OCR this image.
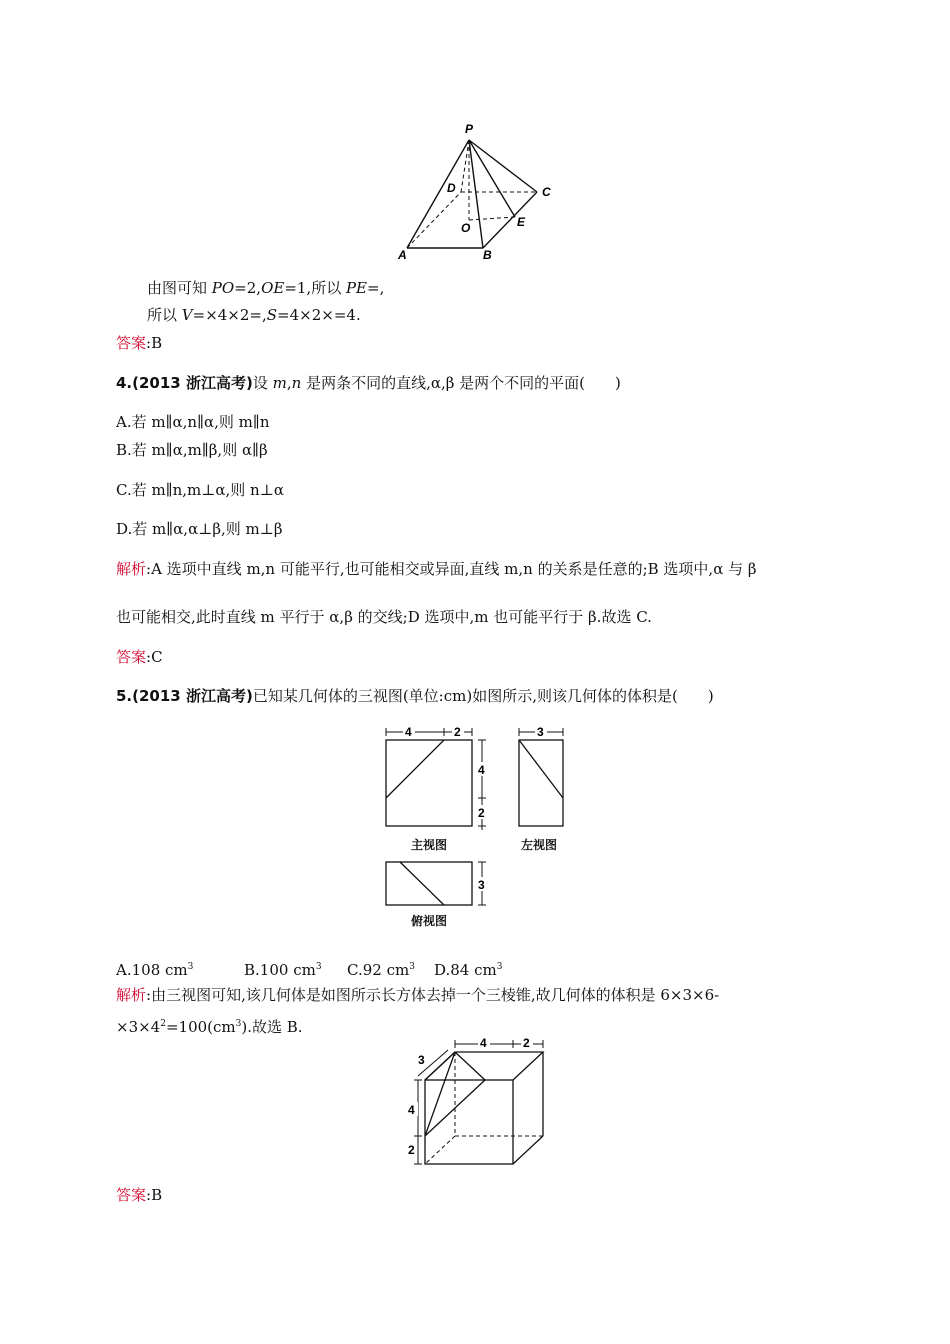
P
D	C
O	E
A	B
由图可知 PO=2,OE=1,所以 PE=,
所以 V=×4×2=,S=4×2×=4.
答案:B
4.(2013 浙江高考)设 m,n 是两条不同的直线,α,β 是两个不同的平面(　　)
A.若 m∥α,n∥α,则 m∥n
B.若 m∥α,m∥β,则 α∥β
C.若 m∥n,m⊥α,则 n⊥α
D.若 m∥α,α⊥β,则 m⊥β
解析:A 选项中直线 m,n 可能平行,也可能相交或异面,直线 m,n 的关系是任意的;B 选项中,α 与 β
也可能相交,此时直线 m 平行于 α,β 的交线;D 选项中,m 也可能平行于 β.故选 C.
答案:C
5.(2013 浙江高考)已知某几何体的三视图(单位:cm)如图所示,则该几何体的体积是(　　)
4	2	3
4
2
3
主视图	左视图
俯视图
A.108 $cm^3$	B.100 $cm^3$ C.92 $cm^3$ D.84 $cm^3$
解析:由三视图可知,该几何体是如图所示长方体去掉一个三棱锥,故几何体的体积是 6×3×6-
$\times 3\times 4^2=100(cm^3)$.故选 B.
4	2
3
4
2
答案:B
